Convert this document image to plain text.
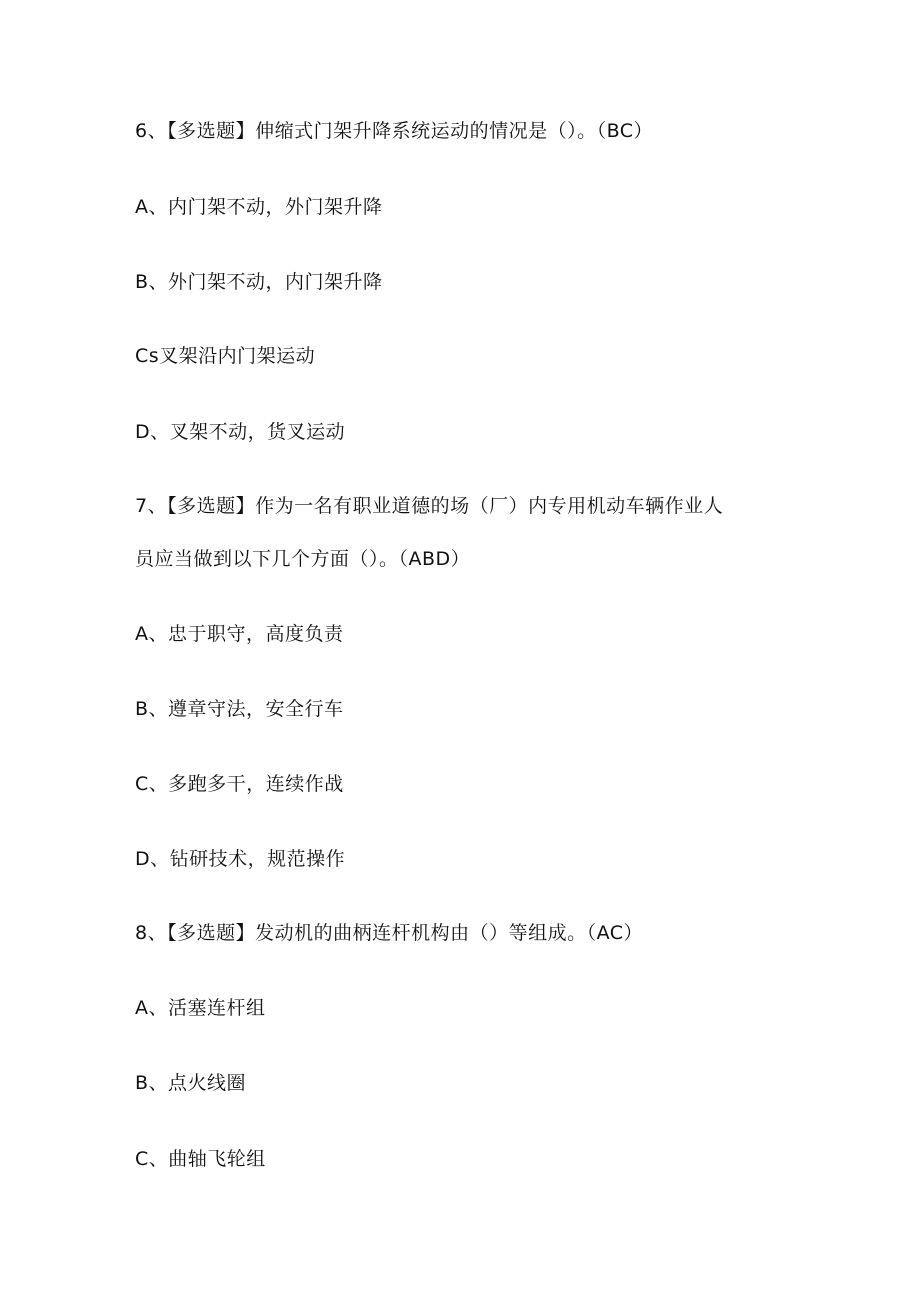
6、【多选题】伸缩式门架升降系统运动的情况是（）。（BC）
A、内门架不动，外门架升降
B、外门架不动，内门架升降
Cs叉架沿内门架运动
D、叉架不动，货叉运动
7、【多选题】作为一名有职业道德的场（厂）内专用机动车辆作业人
员应当做到以下几个方面（）。（ABD）
A、忠于职守，高度负责
B、遵章守法，安全行车
C、多跑多干，连续作战
D、钻研技术，规范操作
8、【多选题】发动机的曲柄连杆机构由（）等组成。（AC）
A、活塞连杆组
B、点火线圈
C、曲轴飞轮组
